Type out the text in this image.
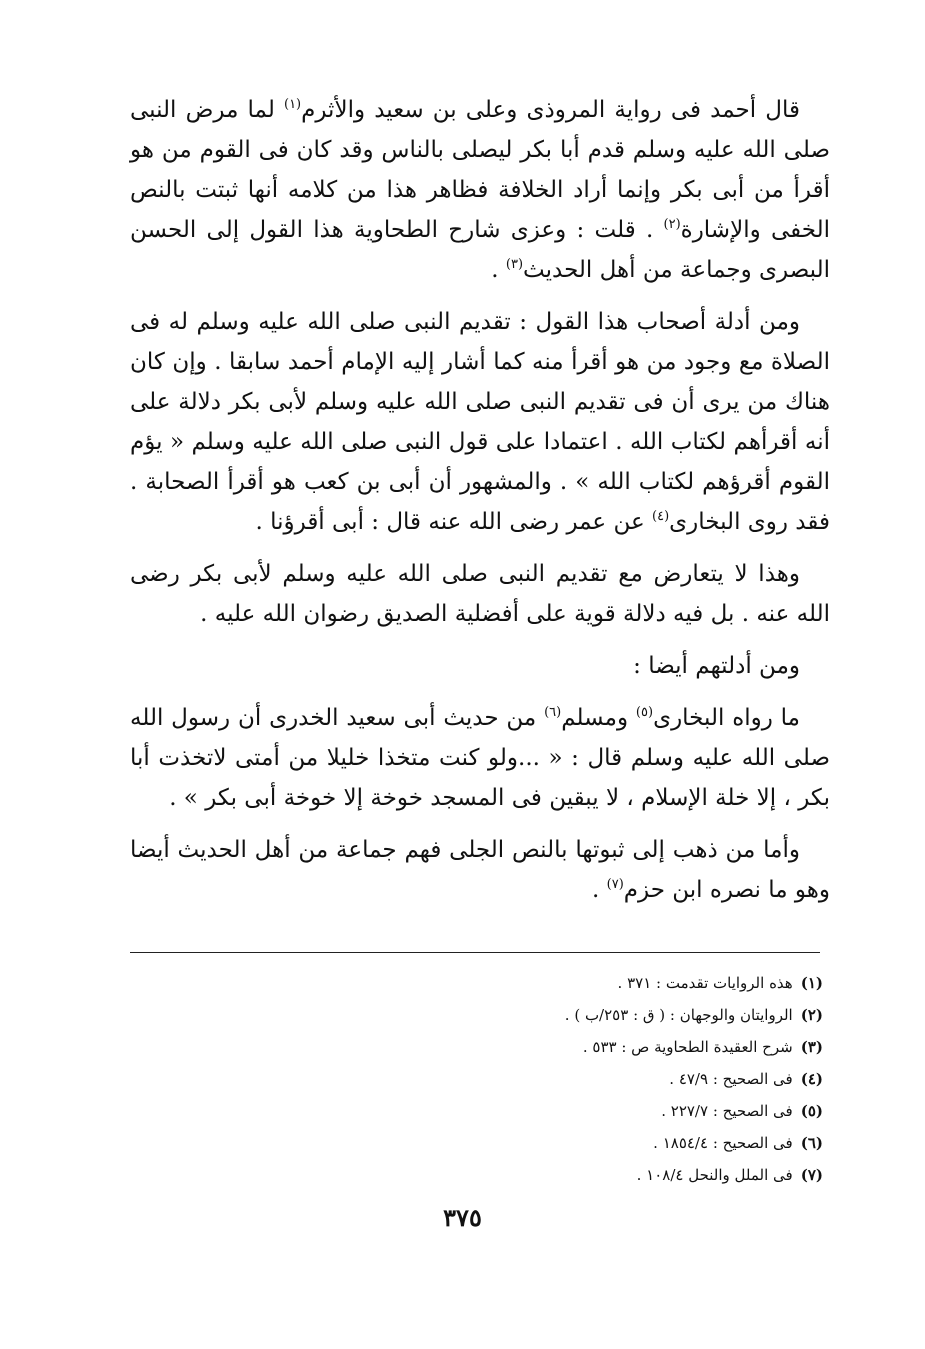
قال أحمد فى رواية المروذى وعلى بن سعيد والأثرم$^{(١)}$ لما مرض النبى صلى الله عليه وسلم قدم أبا بكر ليصلى بالناس وقد كان فى القوم من هو أقرأ من أبى بكر وإنما أراد الخلافة فظاهر هذا من كلامه أنها ثبتت بالنص الخفى والإشارة$^{(٢)}$ . قلت : وعزى شارح الطحاوية هذا القول إلى الحسن البصرى وجماعة من أهل الحديث$^{(٣)}$ .

ومن أدلة أصحاب هذا القول : تقديم النبى صلى الله عليه وسلم له فى الصلاة مع وجود من هو أقرأ منه كما أشار إليه الإمام أحمد سابقا . وإن كان هناك من يرى أن فى تقديم النبى صلى الله عليه وسلم لأبى بكر دلالة على أنه أقرأهم لكتاب الله . اعتمادا على قول النبى صلى الله عليه وسلم « يؤم القوم أقرؤهم لكتاب الله » . والمشهور أن أبى بن كعب هو أقرأ الصحابة . فقد روى البخارى$^{(٤)}$ عن عمر رضى الله عنه قال : أبى أقرؤنا .

وهذا لا يتعارض مع تقديم النبى صلى الله عليه وسلم لأبى بكر رضى الله عنه . بل فيه دلالة قوية على أفضلية الصديق رضوان الله عليه .

ومن أدلتهم أيضا :

ما رواه البخارى$^{(٥)}$ ومسلم$^{(٦)}$ من حديث أبى سعيد الخدرى أن رسول الله صلى الله عليه وسلم قال : « ...ولو كنت متخذا خليلا من أمتى لاتخذت أبا بكر ، إلا خلة الإسلام ، لا يبقين فى المسجد خوخة إلا خوخة أبى بكر » .

وأما من ذهب إلى ثبوتها بالنص الجلى فهم جماعة من أهل الحديث أيضا وهو ما نصره ابن حزم$^{(٧)}$ .

(١)هذه الروايات تقدمت : ٣٧١ .
(٢)الروايتان والوجهان : ( ق : ٢٥٣/ب ) .
(٣)شرح العقيدة الطحاوية ص : ٥٣٣ .
(٤)فى الصحيح : ٤٧/٩ .
(٥)فى الصحيح : ٢٢٧/٧ .
(٦)فى الصحيح : ١٨٥٤/٤ .
(٧)فى الملل والنحل ١٠٨/٤ .
٣٧٥
